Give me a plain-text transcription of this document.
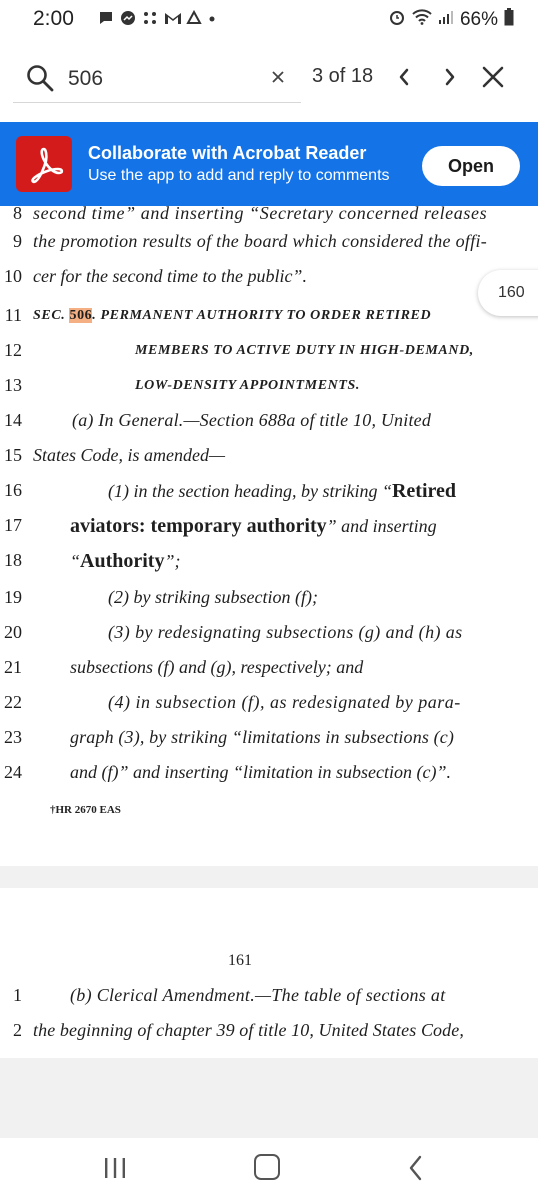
2:00	66%
506
3 of 18
Collaborate with Acrobat Reader
Use the app to add and reply to comments	Open
8 second time” and inserting “Secretary concerned releases
9 the promotion results of the board which considered the offi-
10 cer for the second time to the public”.
11 SEC. 506. PERMANENT AUTHORITY TO ORDER RETIRED
12	MEMBERS TO ACTIVE DUTY IN HIGH-DEMAND,
13	LOW-DENSITY APPOINTMENTS.
14	(a) In General.—Section 688a of title 10, United
15 States Code, is amended—
16	(1) in the section heading, by striking “Retired
17 aviators: temporary authority” and inserting
18	“Authority”;
19	(2) by striking subsection (f);
20	(3) by redesignating subsections (g) and (h) as
21	subsections (f) and (g), respectively; and
22	(4) in subsection (f), as redesignated by para-
23	graph (3), by striking “limitations in subsections (c)
24	and (f)” and inserting “limitation in subsection (c)”.
160
†HR 2670 EAS
161
1	(b) Clerical Amendment.—The table of sections at
2 the beginning of chapter 39 of title 10, United States Code,
